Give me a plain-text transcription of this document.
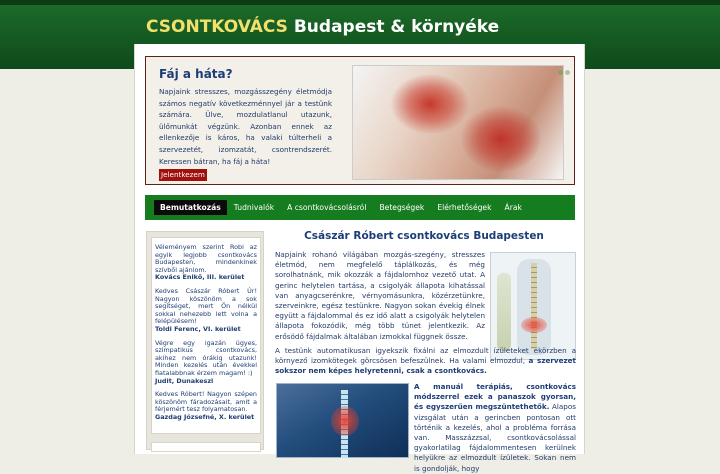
CSONTKOVÁCS Budapest & környéke
Fáj a háta?
Napjaink stresszes, mozgásszegény életmódja számos negatív következménnyel jár a testünk számára. Ülve, mozdulatlanul utazunk, ülőmunkát végzünk. Azonban ennek az ellenkezője is káros, ha valaki túlterheli a szervezetét, izomzatát, csontrendszerét. Keressen bátran, ha fáj a háta!
Jelentkezem
Bemutatkozás	Tudnivalók	A csontkovácsolásról	Betegségek	Elérhetőségek	Árak
Véleményem szerint Robi az egyik legjobb csontkovács Budapesten, mindenkinek szívből ajánlom.
Kovács Enikő, III. kerület
Kedves Császár Róbert Úr! Nagyon köszönöm a sok segítséget, mert Ön nélkül sokkal nehezebb lett volna a felépülésem!
Toldi Ferenc, VI. kerület
Végre egy igazán ügyes, szimpatikus csontkovács, akihez nem órákig utazunk! Minden kezelés után évekkel fiatalabbnak érzem magam! :)
Judit, Dunakeszi
Kedves Róbert! Nagyon szépen köszönöm fáradozásait, amit a férjemért tesz folyamatosan.
Gazdag Józsefné, X. kerület
Császár Róbert csontkovács Budapesten
Napjaink rohanó világában mozgás-szegény, stresszes életmód, nem megfelelő táplálkozás, és még sorolhatnánk, mik okozzák a fájdalomhoz vezető utat. A gerinc helytelen tartása, a csigolyák állapota kihatással van anyagcserénkre, vérnyomásunkra, közérzetünkre, szerveinkre, egész testünkre. Nagyon sokan évekig élnek együtt a fájdalommal és ez idő alatt a csigolyák helytelen állapota fokozódik, még több tünet jelentkezik. Az erősödő fájdalmak általában izmokkal függnek össze.
A testünk automatikusan igyekszik fixálni az elmozdult ízületeket ekörzben a környező izomkötegek görcsösen befeszülnek. Ha valami elmozdul, a szervezet sokszor nem képes helyretenni, csak a csontkovács.
A manuál terápiás, csontkovács módszerrel ezek a panaszok gyorsan, és egyszerűen megszüntethetők. Alapos vizsgálat után a gerincben pontosan ott történik a kezelés, ahol a probléma forrása van. Masszázzsal, csontkovácsolással gyakorlatilag fájdalommentesen kerülnek helyükre az elmozdult ízületek. Sokan nem is gondolják, hogy
